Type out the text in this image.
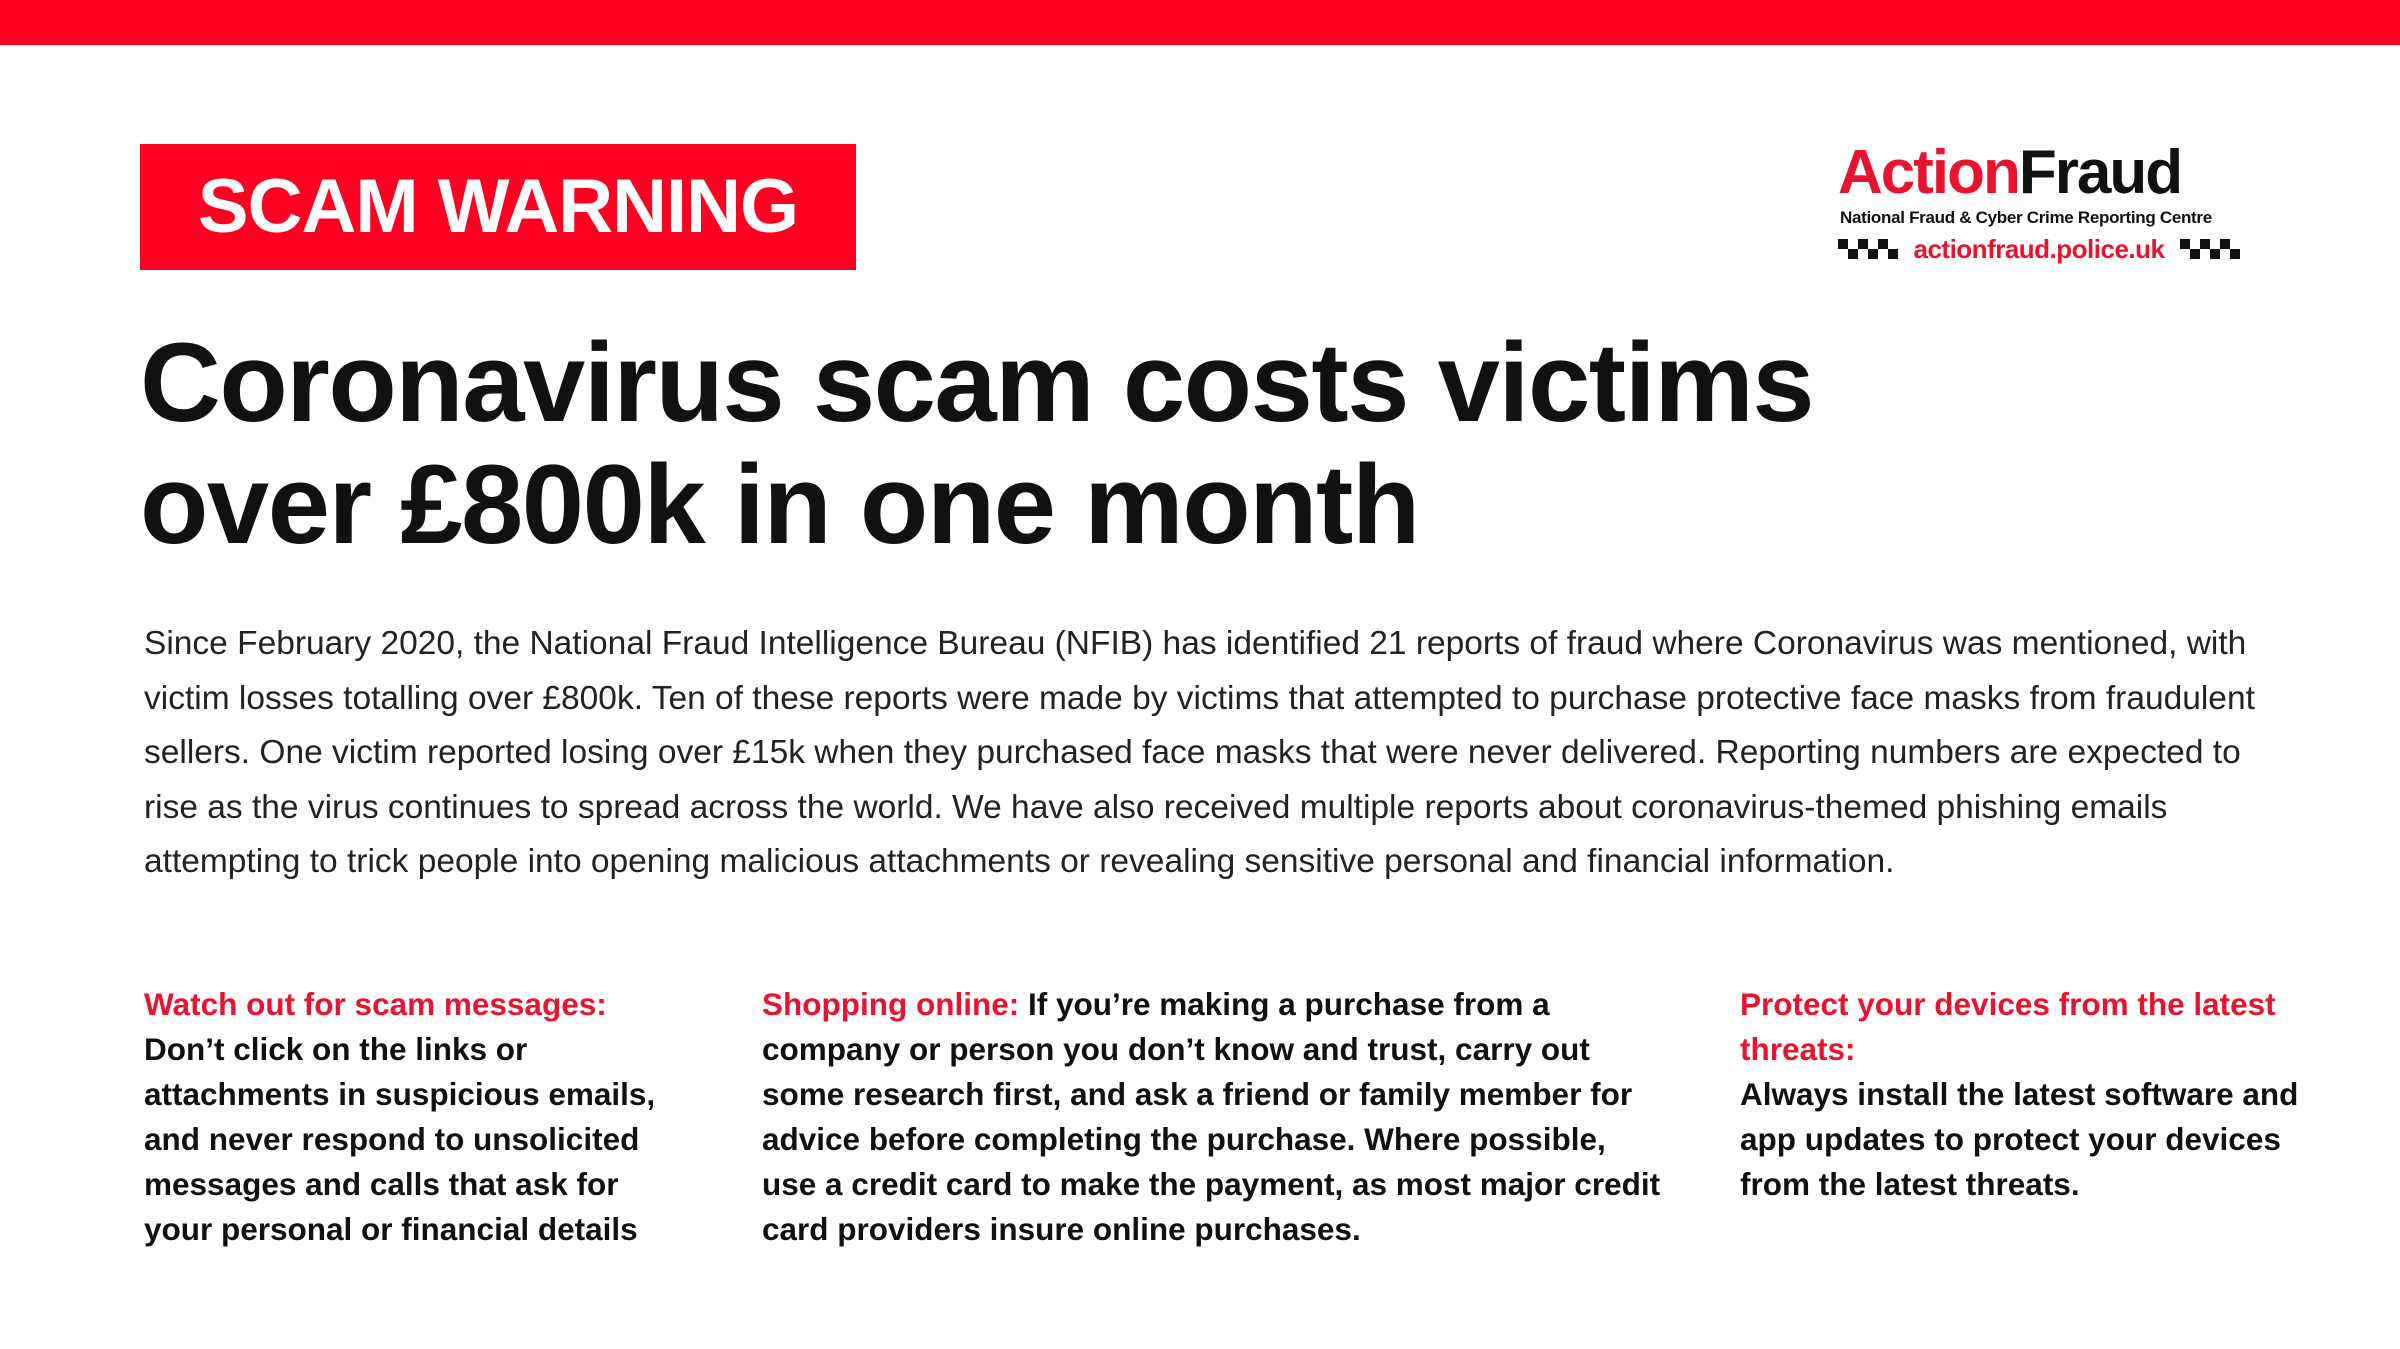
SCAM WARNING	ActionFraud
National Fraud & Cyber Crime Reporting Centre
actionfraud.police.uk
Coronavirus scam costs victims
over £800k in one month

Since February 2020, the National Fraud Intelligence Bureau (NFIB) has identified 21 reports of fraud where Coronavirus was mentioned, with victim losses totalling over £800k. Ten of these reports were made by victims that attempted to purchase protective face masks from fraudulent sellers. One victim reported losing over £15k when they purchased face masks that were never delivered. Reporting numbers are expected to rise as the virus continues to spread across the world. We have also received multiple reports about coronavirus-themed phishing emails attempting to trick people into opening malicious attachments or revealing sensitive personal and financial information.

Watch out for scam messages:
Don’t click on the links or attachments in suspicious emails, and never respond to unsolicited messages and calls that ask for your personal or financial details
Shopping online: If you’re making a purchase from a company or person you don’t know and trust, carry out some research first, and ask a friend or family member for advice before completing the purchase. Where possible, use a credit card to make the payment, as most major credit card providers insure online purchases.
Protect your devices from the latest threats:
Always install the latest software and app updates to protect your devices from the latest threats.
